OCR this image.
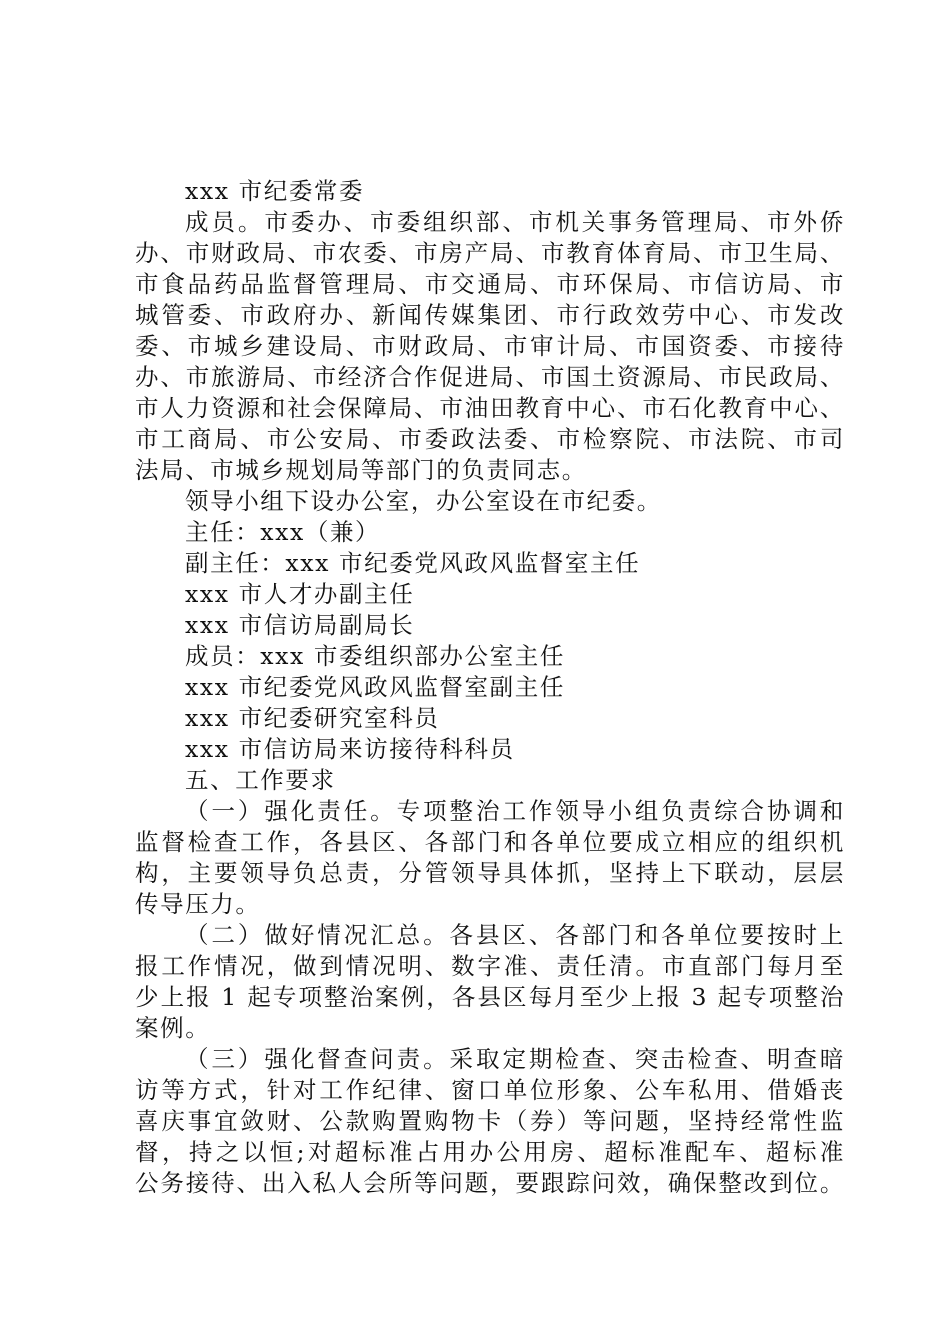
xxx 市纪委常委
成员。市委办、市委组织部、市机关事务管理局、市外侨
办、市财政局、市农委、市房产局、市教育体育局、市卫生局、
市食品药品监督管理局、市交通局、市环保局、市信访局、市
城管委、市政府办、新闻传媒集团、市行政效劳中心、市发改
委、市城乡建设局、市财政局、市审计局、市国资委、市接待
办、市旅游局、市经济合作促进局、市国土资源局、市民政局、
市人力资源和社会保障局、市油田教育中心、市石化教育中心、
市工商局、市公安局、市委政法委、市检察院、市法院、市司
法局、市城乡规划局等部门的负责同志。
领导小组下设办公室，办公室设在市纪委。
主任：xxx（兼）
副主任：xxx 市纪委党风政风监督室主任
xxx 市人才办副主任
xxx 市信访局副局长
成员：xxx 市委组织部办公室主任
xxx 市纪委党风政风监督室副主任
xxx 市纪委研究室科员
xxx 市信访局来访接待科科员
五、工作要求
（一）强化责任。专项整治工作领导小组负责综合协调和
监督检查工作，各县区、各部门和各单位要成立相应的组织机
构，主要领导负总责，分管领导具体抓，坚持上下联动，层层
传导压力。
（二）做好情况汇总。各县区、各部门和各单位要按时上
报工作情况，做到情况明、数字准、责任清。市直部门每月至
少上报 1 起专项整治案例，各县区每月至少上报 3 起专项整治
案例。
（三）强化督查问责。采取定期检查、突击检查、明查暗
访等方式，针对工作纪律、窗口单位形象、公车私用、借婚丧
喜庆事宜敛财、公款购置购物卡（券）等问题，坚持经常性监
督，持之以恒;对超标准占用办公用房、超标准配车、超标准
公务接待、出入私人会所等问题，要跟踪问效，确保整改到位。
